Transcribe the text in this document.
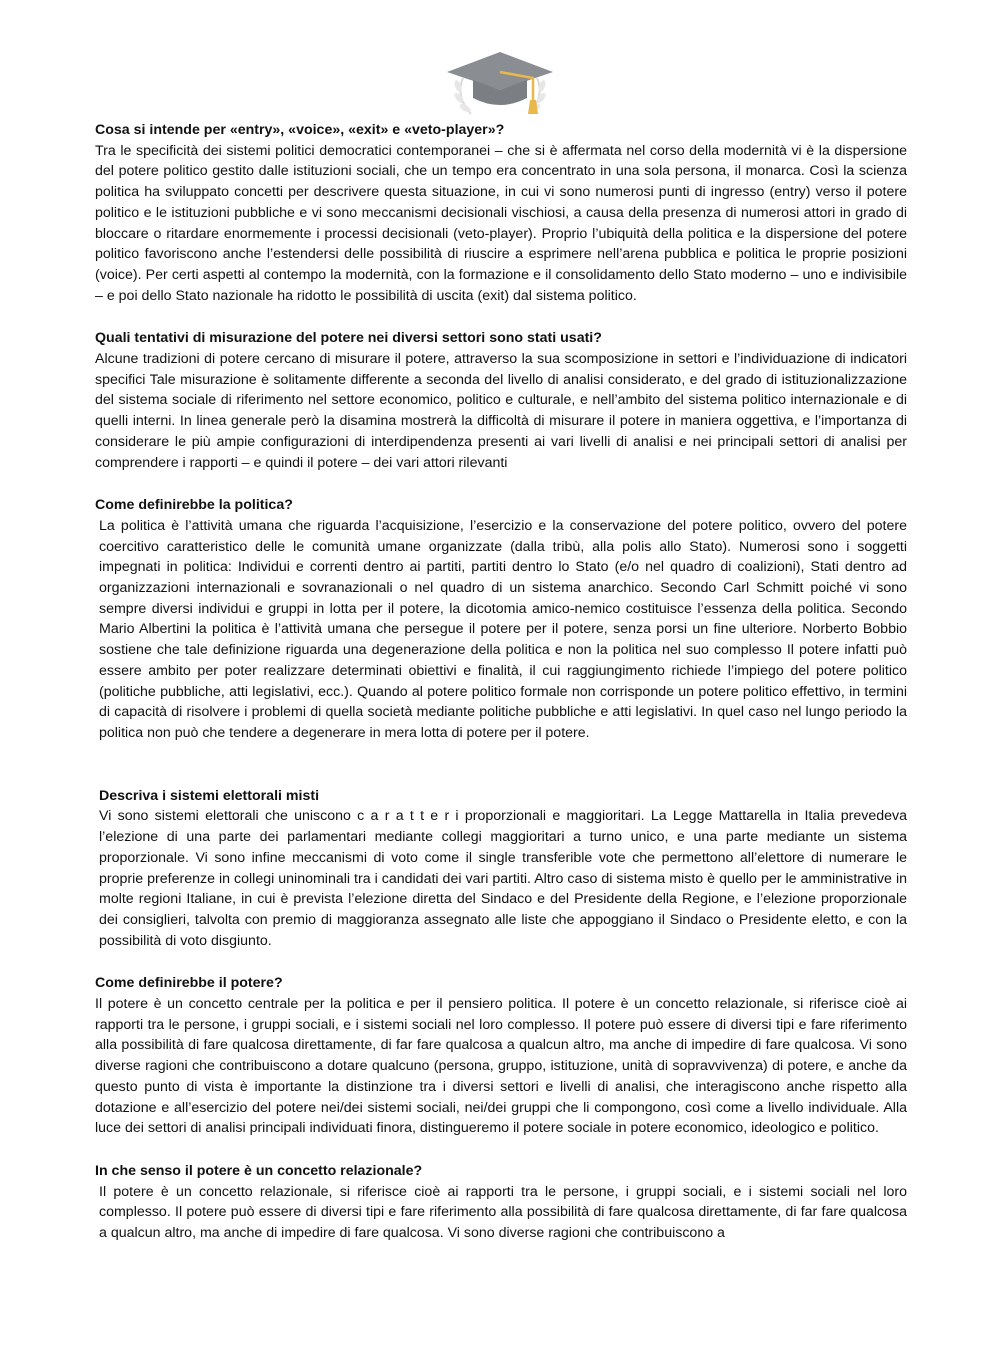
Cosa si intende per «entry», «voice», «exit» e «veto-player»?

Tra le specificità dei sistemi politici democratici contemporanei – che si è affermata nel corso della modernità vi è la dispersione del potere politico gestito dalle istituzioni sociali, che un tempo era concentrato in una sola persona, il monarca. Così la scienza politica ha sviluppato concetti per descrivere questa situazione, in cui vi sono numerosi punti di ingresso (entry) verso il potere politico e le istituzioni pubbliche e vi sono meccanismi decisionali vischiosi, a causa della presenza di numerosi attori in grado di bloccare o ritardare enormemente i processi decisionali (veto-player). Proprio l’ubiquità della politica e la dispersione del potere politico favoriscono anche l’estendersi delle possibilità di riuscire a esprimere nell’arena pubblica e politica le proprie posizioni (voice). Per certi aspetti al contempo la modernità, con la formazione e il consolidamento dello Stato moderno – uno e indivisibile – e poi dello Stato nazionale ha ridotto le possibilità di uscita (exit) dal sistema politico.

Quali tentativi di misurazione del potere nei diversi settori sono stati usati?

Alcune tradizioni di potere cercano di misurare il potere, attraverso la sua scomposizione in settori e l’individuazione di indicatori specifici Tale misurazione è solitamente differente a seconda del livello di analisi considerato, e del grado di istituzionalizzazione del sistema sociale di riferimento nel settore economico, politico e culturale, e nell’ambito del sistema politico internazionale e di quelli interni. In linea generale però la disamina mostrerà la difficoltà di misurare il potere in maniera oggettiva, e l’importanza di considerare le più ampie configurazioni di interdipendenza presenti ai vari livelli di analisi e nei principali settori di analisi per comprendere i rapporti – e quindi il potere – dei vari attori rilevanti

Come definirebbe la politica?

La politica è l’attività umana che riguarda l’acquisizione, l’esercizio e la conservazione del potere politico, ovvero del potere coercitivo caratteristico delle le comunità umane organizzate (dalla tribù, alla polis allo Stato). Numerosi sono i soggetti impegnati in politica: Individui e correnti dentro ai partiti, partiti dentro lo Stato (e/o nel quadro di coalizioni), Stati dentro ad organizzazioni internazionali e sovranazionali o nel quadro di un sistema anarchico. Secondo Carl Schmitt poiché vi sono sempre diversi individui e gruppi in lotta per il potere, la dicotomia amico-nemico costituisce l’essenza della politica. Secondo Mario Albertini la politica è l’attività umana che persegue il potere per il potere, senza porsi un fine ulteriore. Norberto Bobbio sostiene che tale definizione riguarda una degenerazione della politica e non la politica nel suo complesso Il potere infatti può essere ambito per poter realizzare determinati obiettivi e finalità, il cui raggiungimento richiede l’impiego del potere politico (politiche pubbliche, atti legislativi, ecc.). Quando al potere politico formale non corrisponde un potere politico effettivo, in termini di capacità di risolvere i problemi di quella società mediante politiche pubbliche e atti legislativi. In quel caso nel lungo periodo la politica non può che tendere a degenerare in mera lotta di potere per il potere.

Descriva i sistemi elettorali misti

Vi sono sistemi elettorali che uniscono c a r a t t e r i proporzionali e maggioritari. La Legge Mattarella in Italia prevedeva l’elezione di una parte dei parlamentari mediante collegi maggioritari a turno unico, e una parte mediante un sistema proporzionale. Vi sono infine meccanismi di voto come il single transferible vote che permettono all’elettore di numerare le proprie preferenze in collegi uninominali tra i candidati dei vari partiti. Altro caso di sistema misto è quello per le amministrative in molte regioni Italiane, in cui è prevista l’elezione diretta del Sindaco e del Presidente della Regione, e l’elezione proporzionale dei consiglieri, talvolta con premio di maggioranza assegnato alle liste che appoggiano il Sindaco o Presidente eletto, e con la possibilità di voto disgiunto.

Come definirebbe il potere?

Il potere è un concetto centrale per la politica e per il pensiero politica. Il potere è un concetto relazionale, si riferisce cioè ai rapporti tra le persone, i gruppi sociali, e i sistemi sociali nel loro complesso. Il potere può essere di diversi tipi e fare riferimento alla possibilità di fare qualcosa direttamente, di far fare qualcosa a qualcun altro, ma anche di impedire di fare qualcosa. Vi sono diverse ragioni che contribuiscono a dotare qualcuno (persona, gruppo, istituzione, unità di sopravvivenza) di potere, e anche da questo punto di vista è importante la distinzione tra i diversi settori e livelli di analisi, che interagiscono anche rispetto alla dotazione e all’esercizio del potere nei/dei sistemi sociali, nei/dei gruppi che li compongono, così come a livello individuale. Alla luce dei settori di analisi principali individuati finora, distingueremo il potere sociale in potere economico, ideologico e politico.

In che senso il potere è un concetto relazionale?

Il potere è un concetto relazionale, si riferisce cioè ai rapporti tra le persone, i gruppi sociali, e i sistemi sociali nel loro complesso. Il potere può essere di diversi tipi e fare riferimento alla possibilità di fare qualcosa direttamente, di far fare qualcosa a qualcun altro, ma anche di impedire di fare qualcosa. Vi sono diverse ragioni che contribuiscono a
